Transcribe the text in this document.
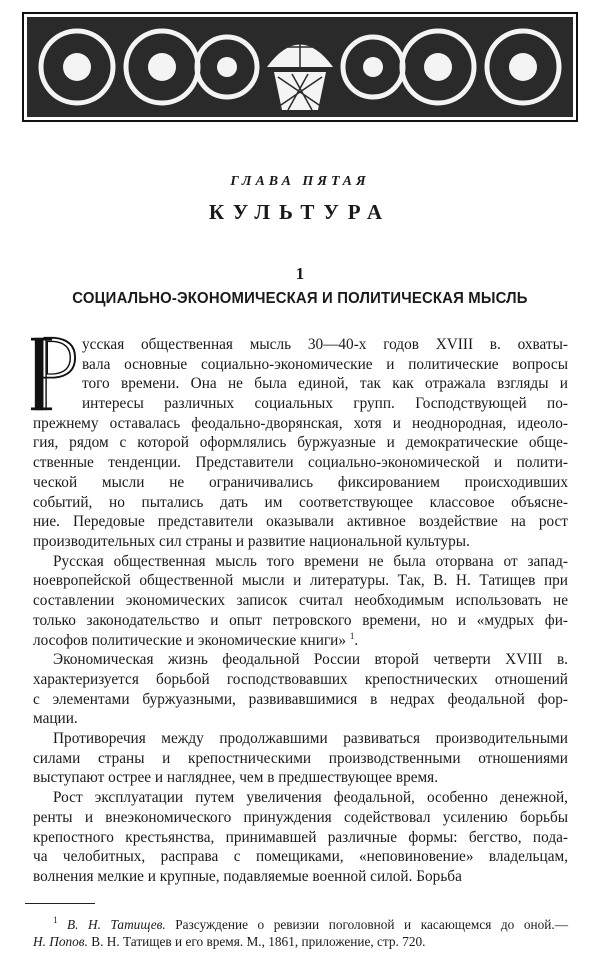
ГЛАВА ПЯТАЯ
КУЛЬТУРА
1
СОЦИАЛЬНО-ЭКОНОМИЧЕСКАЯ И ПОЛИТИЧЕСКАЯ МЫСЛЬ
усская общественная мысль 30—40-х годов XVIII в. охваты-
вала основные социально-экономические и политические вопросы
того времени. Она не была единой, так как отражала взгляды и
интересы различных социальных групп. Господствующей по-
прежнему оставалась феодально-дворянская, хотя и неоднородная, идеоло-
гия, рядом с которой оформлялись буржуазные и демократические обще-
ственные тенденции. Представители социально-экономической и полити-
ческой мысли не ограничивались фиксированием происходивших
событий, но пытались дать им соответствующее классовое объясне-
ние. Передовые представители оказывали активное воздействие на рост
производительных сил страны и развитие национальной культуры.
Русская общественная мысль того времени не была оторвана от запад-
ноевропейской общественной мысли и литературы. Так, В. Н. Татищев при
составлении экономических записок считал необходимым использовать не
только законодательство и опыт петровского времени, но и «мудрых фи-
лософов политические и экономические книги» $^1$.
Экономическая жизнь феодальной России второй четверти XVIII в.
характеризуется борьбой господствовавших крепостнических отношений
с элементами буржуазными, развивавшимися в недрах феодальной фор-
мации.
Противоречия между продолжавшими развиваться производительными
силами страны и крепостническими производственными отношениями
выступают острее и нагляднее, чем в предшествующее время.
Рост эксплуатации путем увеличения феодальной, особенно денежной,
ренты и внеэкономического принуждения содействовал усилению борьбы
крепостного крестьянства, принимавшей различные формы: бегство, пода-
ча челобитных, расправа с помещиками, «неповиновение» владельцам,
волнения мелкие и крупные, подавляемые военной силой. Борьба
$^1$ В. Н. Татищев. Разсуждение о ревизии поголовной и касающемся до оной.—
Н. Попов. В. Н. Татищев и его время. М., 1861, приложение, стр. 720.
